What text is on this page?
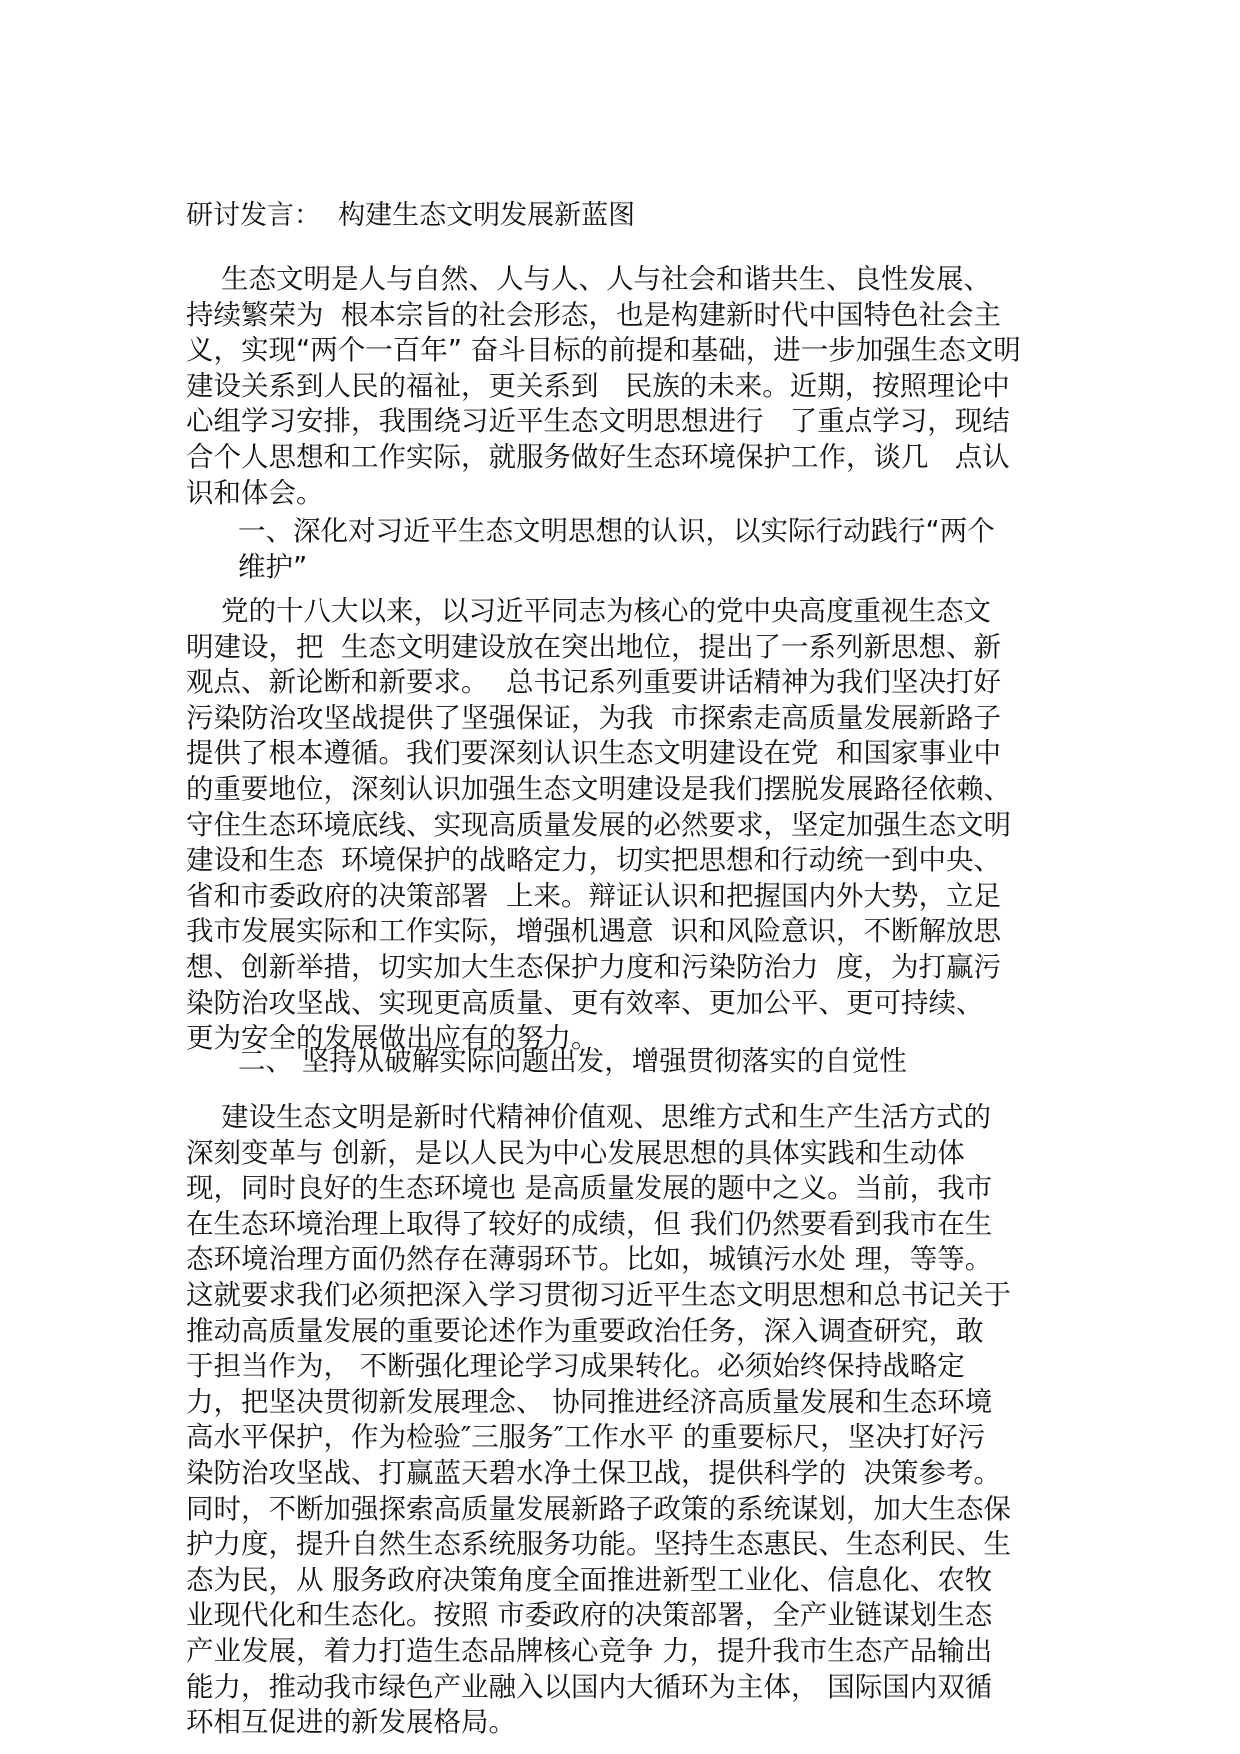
研讨发言：  构建生态文明发展新蓝图
生态文明是人与自然、人与人、人与社会和谐共生、良性发展、
持续繁荣为  根本宗旨的社会形态，也是构建新时代中国特色社会主
义，实现“两个一百年” 奋斗目标的前提和基础，进一步加强生态文明
建设关系到人民的福祉，更关系到   民族的未来。近期，按照理论中
心组学习安排，我围绕习近平生态文明思想进行   了重点学习，现结
合个人思想和工作实际，就服务做好生态环境保护工作，谈几   点认
识和体会。
一、深化对习近平生态文明思想的认识，以实际行动践行“两个
维护”
党的十八大以来，以习近平同志为核心的党中央高度重视生态文
明建设，把  生态文明建设放在突出地位，提出了一系列新思想、新
观点、新论断和新要求。  总书记系列重要讲话精神为我们坚决打好
污染防治攻坚战提供了坚强保证，为我  市探索走高质量发展新路子
提供了根本遵循。我们要深刻认识生态文明建设在党  和国家事业中
的重要地位，深刻认识加强生态文明建设是我们摆脱发展路径依赖、
守住生态环境底线、实现高质量发展的必然要求，坚定加强生态文明
建设和生态  环境保护的战略定力，切实把思想和行动统一到中央、
省和市委政府的决策部署  上来。辩证认识和把握国内外大势，立足
我市发展实际和工作实际，增强机遇意  识和风险意识，不断解放思
想、创新举措，切实加大生态保护力度和污染防治力  度，为打赢污
染防治攻坚战、实现更高质量、更有效率、更加公平、更可持续、
更为安全的发展做出应有的努力。
二、 坚持从破解实际问题出发，增强贯彻落实的自觉性
建设生态文明是新时代精神价值观、思维方式和生产生活方式的
深刻变革与 创新，是以人民为中心发展思想的具体实践和生动体
现，同时良好的生态环境也 是高质量发展的题中之义。当前，我市
在生态环境治理上取得了较好的成绩，但 我们仍然要看到我市在生
态环境治理方面仍然存在薄弱环节。比如，城镇污水处 理，等等。
这就要求我们必须把深入学习贯彻习近平生态文明思想和总书记关于
推动高质量发展的重要论述作为重要政治任务，深入调查研究，敢
于担当作为， 不断强化理论学习成果转化。必须始终保持战略定
力，把坚决贯彻新发展理念、 协同推进经济高质量发展和生态环境
高水平保护，作为检验″三服务″工作水平 的重要标尺，坚决打好污
染防治攻坚战、打赢蓝天碧水净土保卫战，提供科学的  决策参考。
同时，不断加强探索高质量发展新路子政策的系统谋划，加大生态保
护力度，提升自然生态系统服务功能。坚持生态惠民、生态利民、生
态为民，从 服务政府决策角度全面推进新型工业化、信息化、农牧
业现代化和生态化。按照 市委政府的决策部署，全产业链谋划生态
产业发展，着力打造生态品牌核心竞争 力，提升我市生态产品输出
能力，推动我市绿色产业融入以国内大循环为主体， 国际国内双循
环相互促进的新发展格局。
